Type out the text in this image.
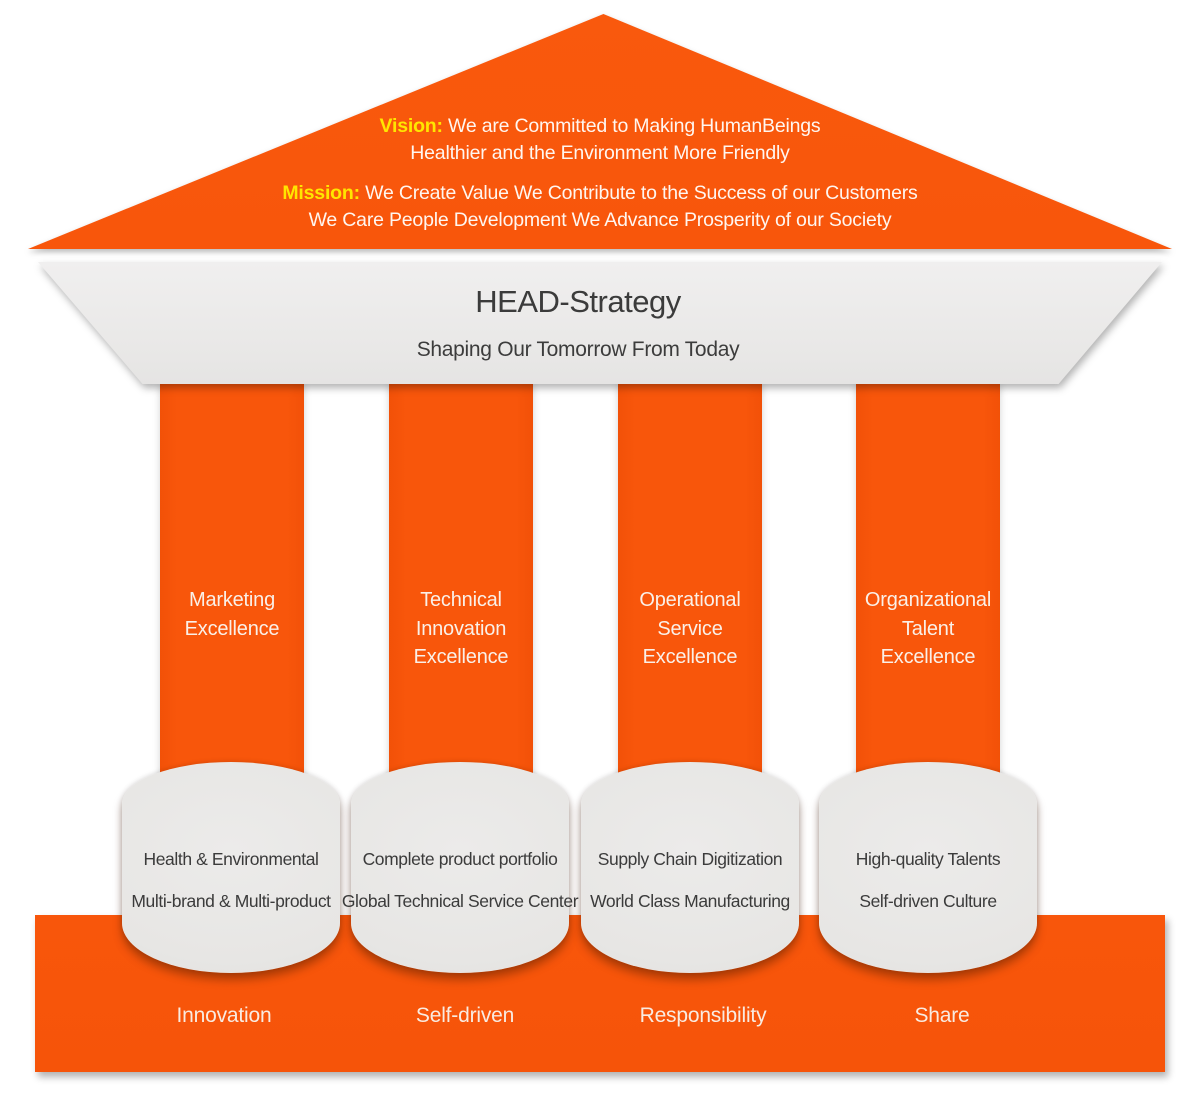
Vision: We are Committed to Making HumanBeings
Healthier and the Environment More Friendly
Mission: We Create Value We Contribute to the Success of our Customers
We Care People Development We Advance Prosperity of our Society
HEAD-Strategy
Shaping Our Tomorrow From Today
Marketing
Excellence
Technical
Innovation
Excellence
Operational
Service
Excellence
Organizational
Talent
Excellence
Innovation	Self-driven	Responsibility	Share
Health & Environmental
Multi-brand & Multi-product
Complete product portfolio
Global Technical Service Center
Supply Chain Digitization
World Class Manufacturing
High-quality Talents
Self-driven Culture
